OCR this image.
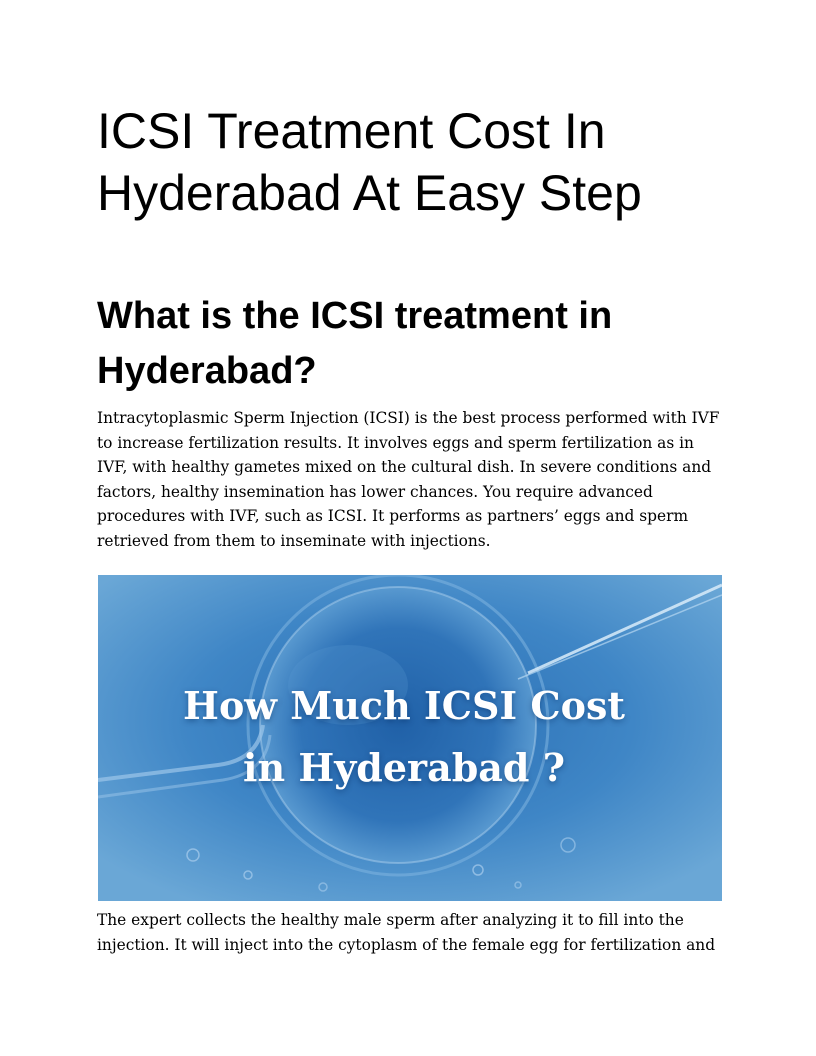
ICSI Treatment Cost In Hyderabad At Easy Step
What is the ICSI treatment in Hyderabad?

Intracytoplasmic Sperm Injection (ICSI) is the best process performed with IVF to increase fertilization results. It involves eggs and sperm fertilization as in IVF, with healthy gametes mixed on the cultural dish. In severe conditions and factors, healthy insemination has lower chances. You require advanced procedures with IVF, such as ICSI. It performs as partners’ eggs and sperm retrieved from them to inseminate with injections.

How Much ICSI Cost

in Hyderabad ?

The expert collects the healthy male sperm after analyzing it to fill into the injection. It will inject into the cytoplasm of the female egg for fertilization and
